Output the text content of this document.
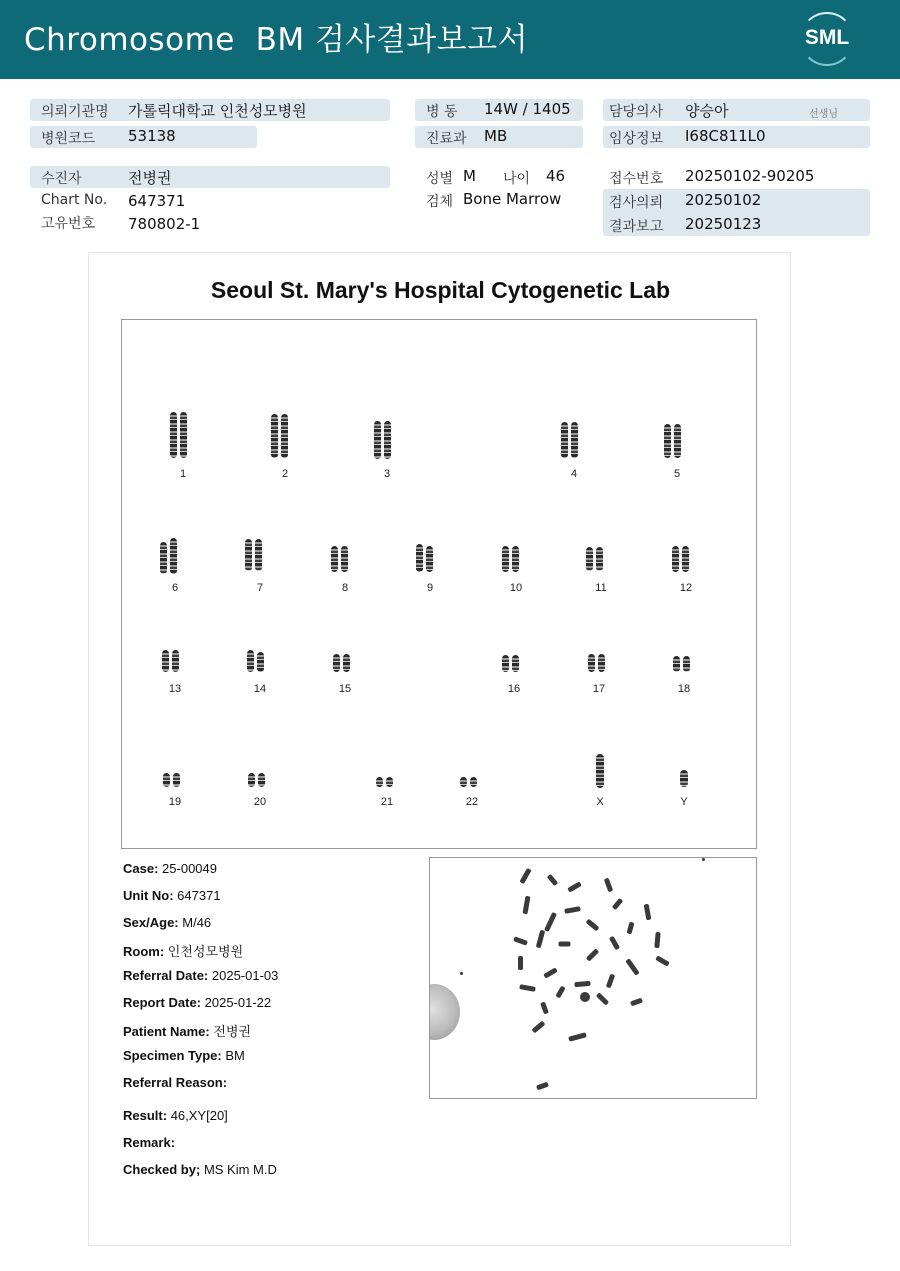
Chromosome  BM 검사결과보고서	SML
의뢰기관명 가톨릭대학교 인천성모병원	병 동 14W / 1405	담당의사 양승아	선생님
병원코드 53138	진료과 MB	임상정보 I68C811L0
수진자	전병권	성별 M 나이 46	접수번호 20250102-90205
Chart No. 647371	검체 Bone Marrow	검사의뢰 20250102
고유번호 780802-1	결과보고 20250123
Seoul St. Mary's Hospital Cytogenetic Lab
1	2	3	4	5
6	7	8	9	10	11	12
13	14	15	16	17	18
19	20	21	22	X	Y
Case: 25-00049
Unit No: 647371
Sex/Age: M/46
Room: 인천성모병원
Referral Date: 2025-01-03
Report Date: 2025-01-22
Patient Name: 전병권
Specimen Type: BM
Referral Reason:
Result: 46,XY[20]
Remark:
Checked by; MS Kim M.D
